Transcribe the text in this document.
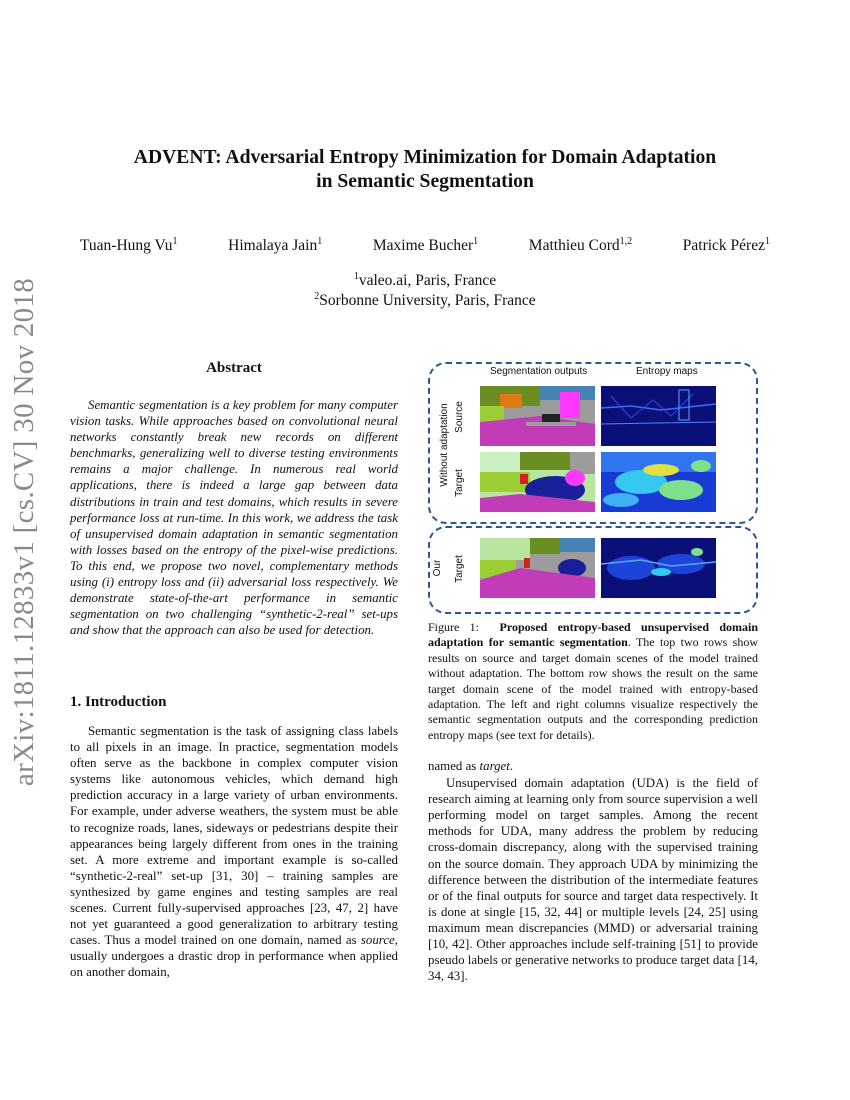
arXiv:1811.12833v1 [cs.CV] 30 Nov 2018
ADVENT: Adversarial Entropy Minimization for Domain Adaptation
in Semantic Segmentation
Tuan-Hung Vu$^1$	Himalaya Jain$^1$	Maxime Bucher$^1$	Matthieu Cord$^{1,2}$	Patrick Pérez$^1$
$^1$valeo.ai, Paris, France
$^2$Sorbonne University, Paris, France
Abstract
Semantic segmentation is a key problem for many computer vision tasks. While approaches based on convolutional neural networks constantly break new records on different benchmarks, generalizing well to diverse testing environments remains a major challenge. In numerous real world applications, there is indeed a large gap between data distributions in train and test domains, which results in severe performance loss at run-time. In this work, we address the task of unsupervised domain adaptation in semantic segmentation with losses based on the entropy of the pixel-wise predictions. To this end, we propose two novel, complementary methods using (i) entropy loss and (ii) adversarial loss respectively. We demonstrate state-of-the-art performance in semantic segmentation on two challenging “synthetic-2-real” set-ups and show that the approach can also be used for detection.
1. Introduction
Semantic segmentation is the task of assigning class labels to all pixels in an image. In practice, segmentation models often serve as the backbone in complex computer vision systems like autonomous vehicles, which demand high prediction accuracy in a large variety of urban environments. For example, under adverse weathers, the system must be able to recognize roads, lanes, sideways or pedestrians despite their appearances being largely different from ones in the training set. A more extreme and important example is so-called “synthetic-2-real” set-up [31, 30] – training samples are synthesized by game engines and testing samples are real scenes. Current fully-supervised approaches [23, 47, 2] have not yet guaranteed a good generalization to arbitrary testing cases. Thus a model trained on one domain, named as source, usually undergoes a drastic drop in performance when applied on another domain,
Segmentation outputs	Entropy maps
Without adaptation
Our
Source
Target
Target
Figure 1: Proposed entropy-based unsupervised domain adaptation for semantic segmentation. The top two rows show results on source and target domain scenes of the model trained without adaptation. The bottom row shows the result on the same target domain scene of the model trained with entropy-based adaptation. The left and right columns visualize respectively the semantic segmentation outputs and the corresponding prediction entropy maps (see text for details).

named as target.

Unsupervised domain adaptation (UDA) is the field of research aiming at learning only from source supervision a well performing model on target samples. Among the recent methods for UDA, many address the problem by reducing cross-domain discrepancy, along with the supervised training on the source domain. They approach UDA by minimizing the difference between the distribution of the intermediate features or of the final outputs for source and target data respectively. It is done at single [15, 32, 44] or multiple levels [24, 25] using maximum mean discrepancies (MMD) or adversarial training [10, 42]. Other approaches include self-training [51] to provide pseudo labels or generative networks to produce target data [14, 34, 43].
